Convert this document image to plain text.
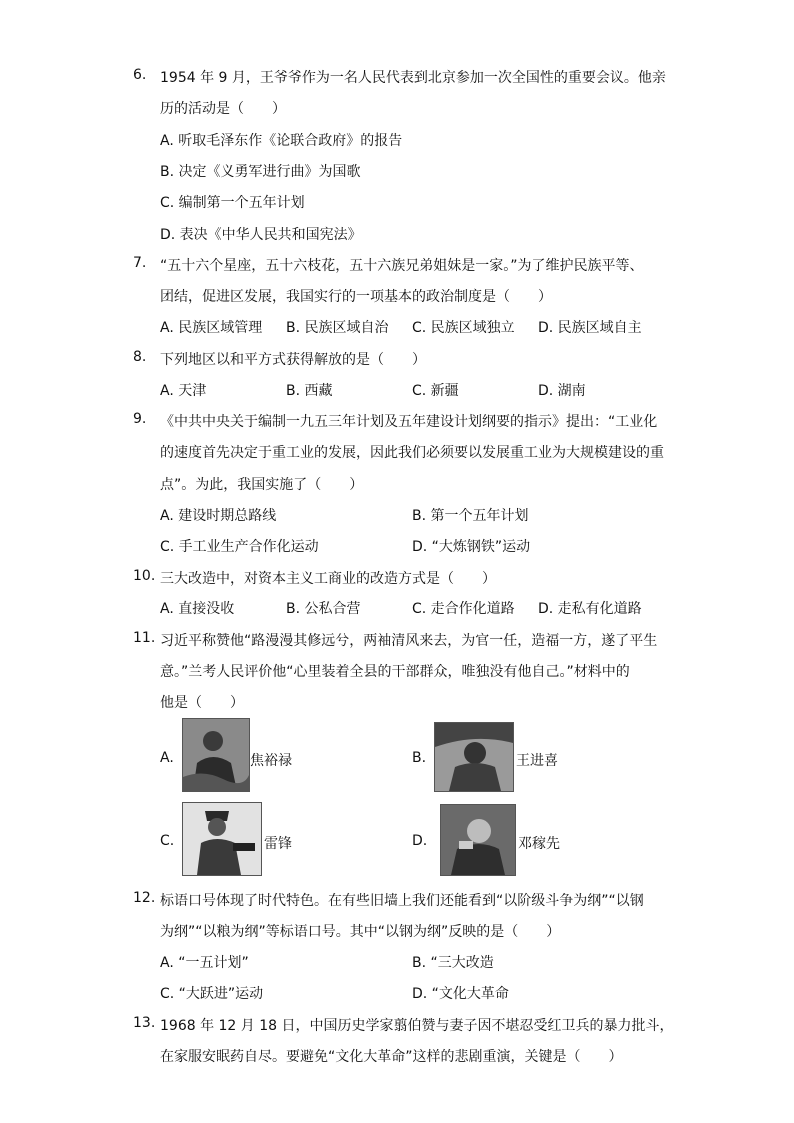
6. 1954 年 9 月，王爷爷作为一名人民代表到北京参加一次全国性的重要会议。他亲
历的活动是（　　）
A. 听取毛泽东作《论联合政府》的报告
B. 决定《义勇军进行曲》为国歌
C. 编制第一个五年计划
D. 表决《中华人民共和国宪法》
7. “五十六个星座，五十六枝花，五十六族兄弟姐妹是一家。”为了维护民族平等、
团结，促进区发展，我国实行的一项基本的政治制度是（　　）
A. 民族区域管理 B. 民族区域自治 C. 民族区域独立 D. 民族区域自主
8. 下列地区以和平方式获得解放的是（　　）
A. 天津	B. 西藏	C. 新疆	D. 湖南
9. 《中共中央关于编制一九五三年计划及五年建设计划纲要的指示》提出：“工业化
的速度首先决定于重工业的发展，因此我们必须要以发展重工业为大规模建设的重
点”。为此，我国实施了（　　）
A. 建设时期总路线	B. 第一个五年计划
C. 手工业生产合作化运动	D. “大炼钢铁”运动
10. 三大改造中，对资本主义工商业的改造方式是（　　）
A. 直接没收	B. 公私合营	C. 走合作化道路 D. 走私有化道路
11. 习近平称赞他“路漫漫其修远兮，两袖清风来去，为官一任，造福一方，遂了平生
意。”兰考人民评价他“心里装着全县的干部群众，唯独没有他自己。”材料中的
他是（　　）
A.	焦裕禄	B.	王进喜
C.	雷锋	D.	邓稼先
12. 标语口号体现了时代特色。在有些旧墙上我们还能看到“以阶级斗争为纲”“以钢
为纲”“以粮为纲”等标语口号。其中“以钢为纲”反映的是（　　）
A. “一五计划”	B. “三大改造
C. “大跃进”运动	D. “文化大革命
13. 1968 年 12 月 18 日，中国历史学家翦伯赞与妻子因不堪忍受红卫兵的暴力批斗，
在家服安眠药自尽。要避免“文化大革命”这样的悲剧重演，关键是（　　）
